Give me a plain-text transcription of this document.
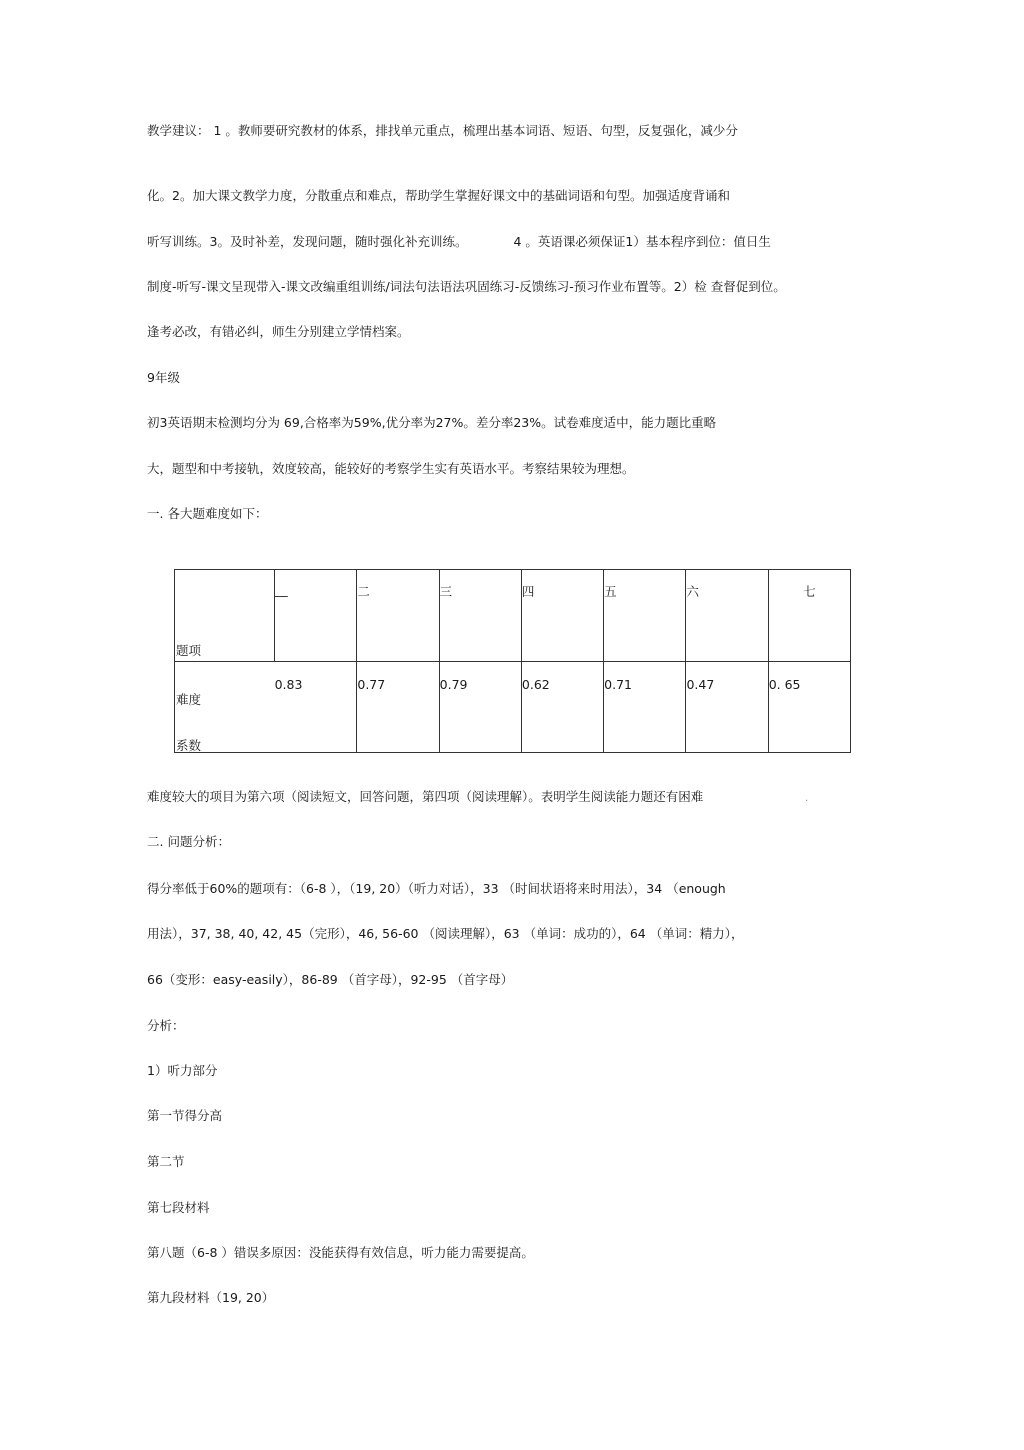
教学建议： 1 。教师要研究教材的体系，排找单元重点，梳理出基本词语、短语、句型，反复强化，减少分
化。2。加大课文教学力度，分散重点和难点，帮助学生掌握好课文中的基础词语和句型。加强适度背诵和
听写训练。3。及时补差，发现问题，随时强化补充训练。	4 。英语课必须保证1）基本程序到位：值日生
制度-听写-课文呈现带入-课文改编重组训练/词法句法语法巩固练习-反馈练习-预习作业布置等。2）检 查督促到位。
逢考必改，有错必纠，师生分别建立学情档案。
9年级
初3英语期末检测均分为 69,合格率为59%,优分率为27%。差分率23%。试卷难度适中，能力题比重略
大，题型和中考接轨，效度较高，能较好的考察学生实有英语水平。考察结果较为理想。
一. 各大题难度如下：
题项	__	二	三	四	五	六	七

难度
系数	0.83	0.77	0.79	0.62	0.71	0.47	0. 65
难度较大的项目为第六项（阅读短文，回答问题，第四项（阅读理解）。表明学生阅读能力题还有困难	.
二. 问题分析：
得分率低于60%的题项有：（6-8 ），（19, 20）（听力对话），33 （时间状语将来时用法），34 （enough
用法），37, 38, 40, 42, 45（完形），46, 56-60 （阅读理解），63 （单词：成功的），64 （单词：精力），
66（变形：easy-easily），86-89 （首字母），92-95 （首字母）
分析：
1）听力部分
第一节得分高
第二节
第七段材料
第八题（6-8 ）错误多原因：没能获得有效信息，听力能力需要提高。
第九段材料（19, 20）
